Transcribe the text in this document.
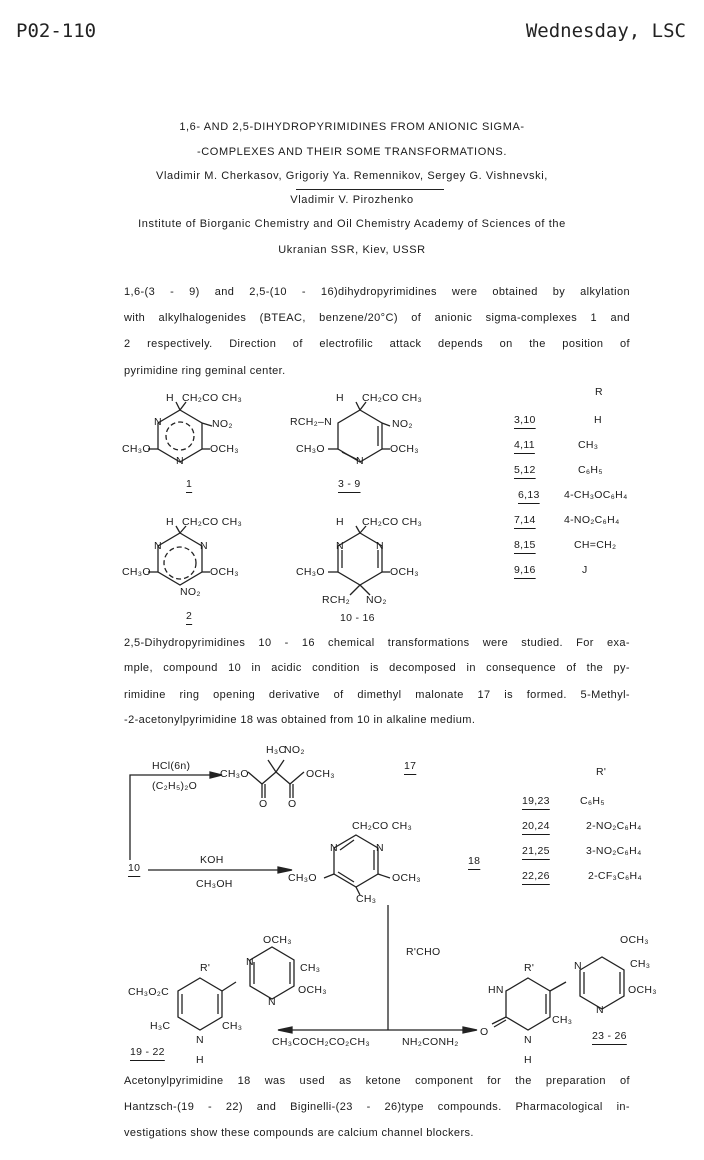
P02-110	Wednesday, LSC
1,6- AND 2,5-DIHYDROPYRIMIDINES FROM ANIONIC SIGMA-
-COMPLEXES AND THEIR SOME TRANSFORMATIONS.
Vladimir M. Cherkasov, Grigoriy Ya. Remennikov, Sergey G. Vishnevski,
Vladimir V. Pirozhenko
Institute of Biorganic Chemistry and Oil Chemistry Academy of Sciences of the
Ukranian SSR, Kiev, USSR
1,6-(3 - 9) and 2,5-(10 - 16)dihydropyrimidines were obtained by alkylation
with alkylhalogenides (BTEAC, benzene/20°C) of anionic sigma-complexes 1 and
2 respectively. Direction of electrofilic attack depends on the position of
pyrimidine ring geminal center.
H CH₂CO CH₃
NO₂
N
N
CH₃O	OCH₃
1
H CH₂CO CH₃
RCH₂–N	NO₂
N
CH₃O	OCH₃
3 - 9
H CH₂CO CH₃
N	N
CH₃O	OCH₃
NO₂
2
H CH₂CO CH₃
N	N
CH₃O	OCH₃
RCH₂ NO₂
10 - 16
R
3,10	H
4,11	CH₃
5,12	C₆H₅
6,13 4-CH₃OC₆H₄
7,14	4-NO₂C₆H₄
8,15	CH=CH₂
9,16	J
2,5-Dihydropyrimidines 10 - 16 chemical transformations were studied. For exa-
mple, compound 10 in acidic condition is decomposed in consequence of the py-
rimidine ring opening derivative of dimethyl malonate 17 is formed. 5-Methyl-
-2-acetonylpyrimidine 18 was obtained from 10 in alkaline medium.
HCl(6n)
(C₂H₅)₂O
H₃C
NO₂
CH₃O	OCH₃
O O
17
10
KOH
CH₃OH
CH₂CO CH₃
N	N
CH₃O	OCH₃
CH₃
18
R'CHO
CH₃COCH₂CO₂CH₃	NH₂CONH₂
R'
CH₃O₂C
H₃C
N
H
CH₃
OCH₃
N	CH₃
OCH₃
N
19 - 22
R'
HN
O
N
H
CH₃
N
N
OCH₃
CH₃
OCH₃
23 - 26
R'
19,23	C₆H₅
20,24	2-NO₂C₆H₄
21,25	3-NO₂C₆H₄
22,26	2-CF₃C₆H₄
Acetonylpyrimidine 18 was used as ketone component for the preparation of
Hantzsch-(19 - 22) and Biginelli-(23 - 26)type compounds. Pharmacological in-
vestigations show these compounds are calcium channel blockers.
